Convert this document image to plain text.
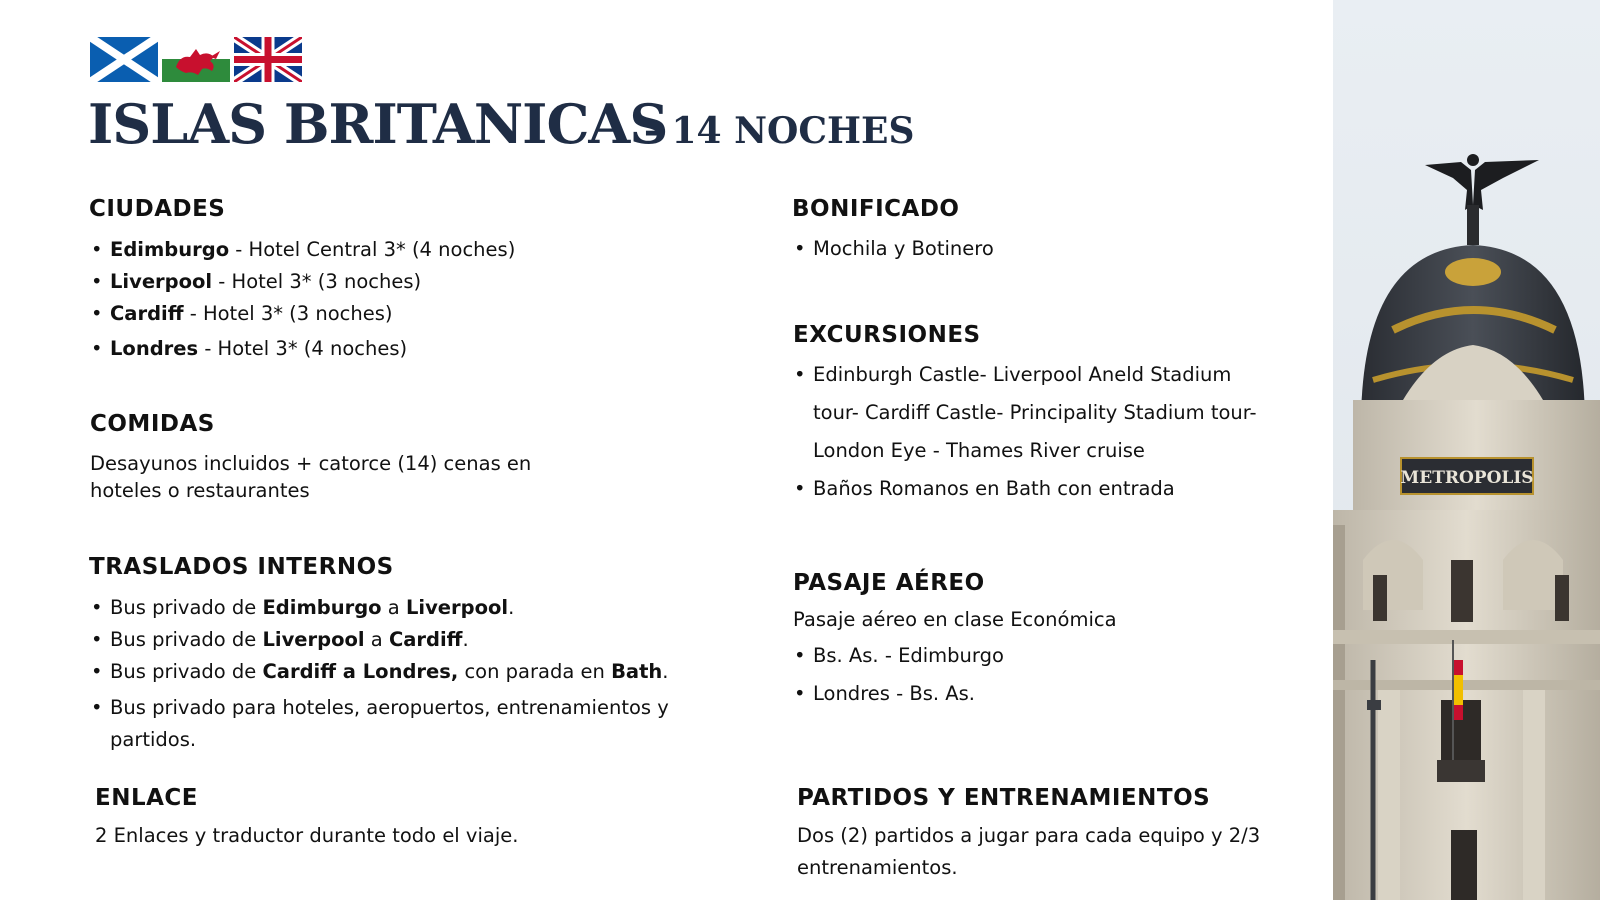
ISLAS BRITANICAS
- 14 NOCHES
CIUDADES
• Edimburgo - Hotel Central 3* (4 noches)
• Liverpool - Hotel 3* (3 noches)
• Cardiff - Hotel 3* (3 noches)
• Londres - Hotel 3* (4 noches)
COMIDAS
Desayunos incluidos + catorce (14) cenas en
hoteles o restaurantes
TRASLADOS INTERNOS
• Bus privado de Edimburgo a Liverpool.
• Bus privado de Liverpool a Cardiff.
• Bus privado de Cardiff a Londres, con parada en Bath.
• Bus privado para hoteles, aeropuertos, entrenamientos y partidos.
ENLACE
2 Enlaces y traductor durante todo el viaje.
BONIFICADO
• Mochila y Botinero
EXCURSIONES
• Edinburgh Castle- Liverpool Aneld Stadium tour- Cardiff Castle- Principality Stadium tour- London Eye - Thames River cruise
• Baños Romanos en Bath con entrada
PASAJE AÉREO
Pasaje aéreo en clase Económica
• Bs. As. - Edimburgo
• Londres - Bs. As.
PARTIDOS Y ENTRENAMIENTOS
Dos (2) partidos a jugar para cada equipo y 2/3
entrenamientos.
METROPOLIS
